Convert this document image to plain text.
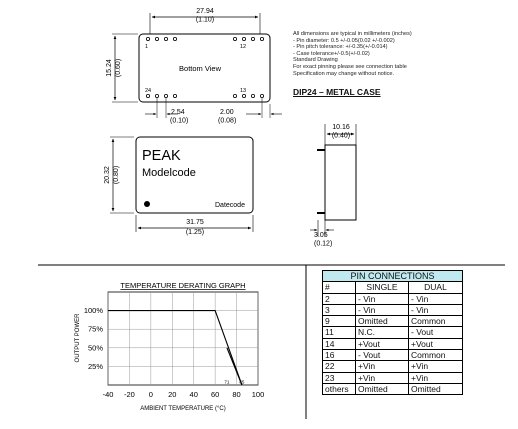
27.94
(1.10)
15.24 (0.60)
1	12
24	13
Bottom View
2.54
(0.10)
2.00
(0.08)
PEAK
Modelcode
Datecode
20.32 (0.80)
31.75
(1.25)
10.16
(0.40)
3.05
(0.12)
TEMPERATURE DERATING GRAPH
-40 -20 0 20 40 60 80 100
100%
75%
50%
25%
71 85
AMBIENT TEMPERATURE (°C)
OUTPUT POWER
All dimensions are typical in millimeters (inches)
- Pin diameter: 0.5 +/-0.05(0.02 +/-0.002)
- Pin pitch tolerance: +/-0.35(+/-0.014)
- Case tolerance+/-0.5(+/-0.02)
Standard Drawing
For exact pinning please see connection table
Specification may change without notice.
DIP24 – METAL CASE
PIN CONNECTIONS		
#	SINGLE	DUAL
2	- Vin	- Vin
3	- Vin	- Vin
9	Omitted	Common
11	N.C.	- Vout
14	+Vout	+Vout
16	- Vout	Common
22	+Vin	+Vin
23	+Vin	+Vin
others	Omitted	Omitted
